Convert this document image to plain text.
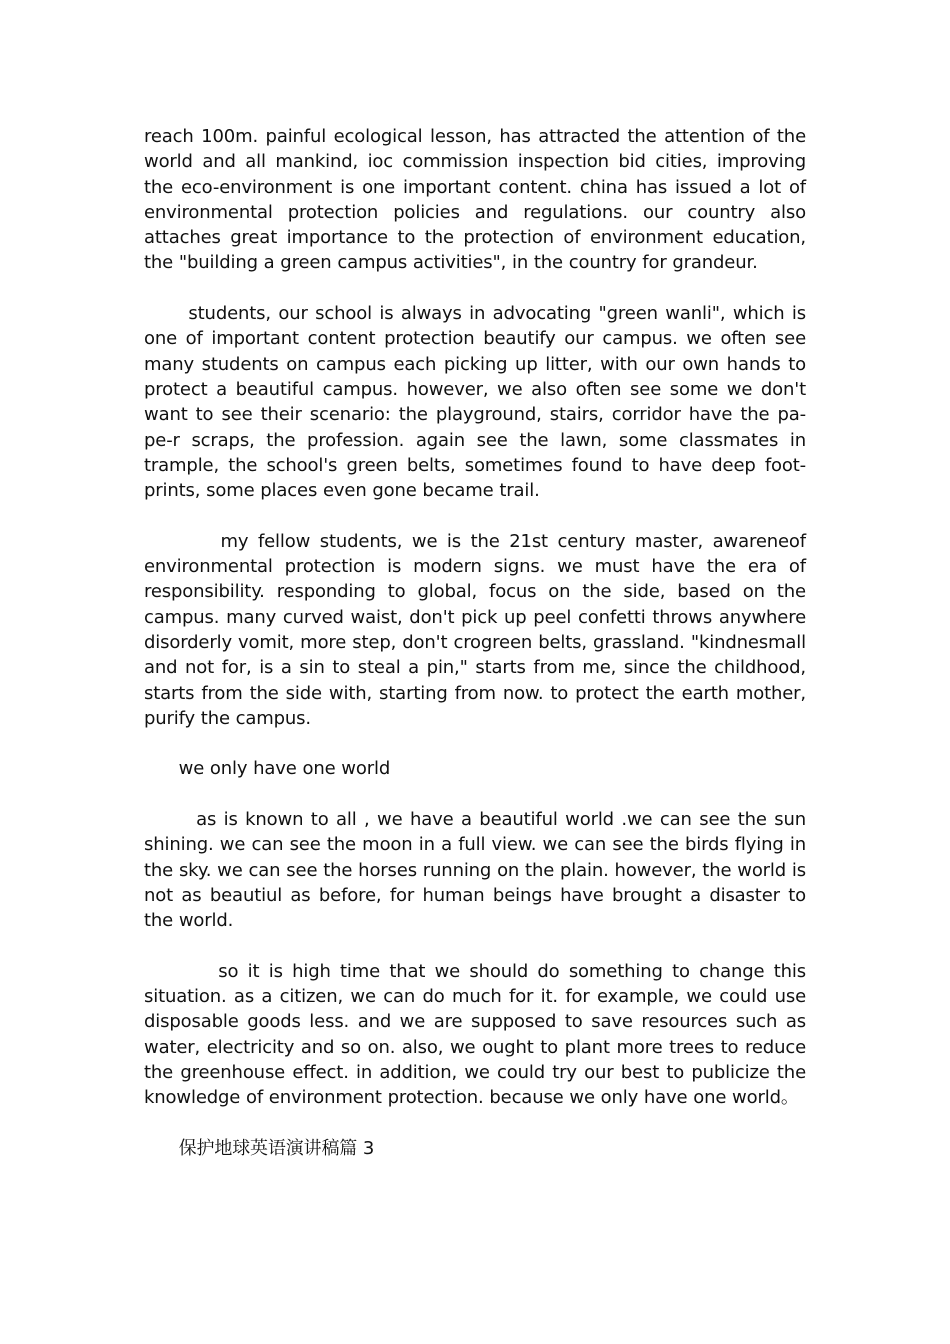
reach 100m. painful ecological lesson, has attracted the attention of the world and all mankind, ioc commission inspection bid cities, improving the eco-environment is one important content. china has issued a lot of environmental protection policies and regulations. our country also attaches great importance to the protection of environment education, the "building a green campus activities", in the country for grandeur.

students, our school is always in advocating "green wanli", which is one of important content protection beautify our campus. we often see many students on campus each picking up litter, with our own hands to protect a beautiful campus. however, we also often see some we don't want to see their scenario: the playground, stairs, corridor have the pa-pe-r scraps, the profession. again see the lawn, some classmates in trample, the school's green belts, sometimes found to have deep foot-prints, some places even gone became trail.

my fellow students, we is the 21st century master, awareneof environmental protection is modern signs. we must have the era of responsibility. responding to global, focus on the side, based on the campus. many curved waist, don't pick up peel confetti throws anywhere disorderly vomit, more step, don't crogreen belts, grassland. "kindnesmall and not for, is a sin to steal a pin," starts from me, since the childhood, starts from the side with, starting from now. to protect the earth mother, purify the campus.

we only have one world

as is known to all , we have a beautiful world .we can see the sun shining. we can see the moon in a full view. we can see the birds flying in the sky. we can see the horses running on the plain. however, the world is not as beautiul as before, for human beings have brought a disaster to the world.

so it is high time that we should do something to change this situation. as a citizen, we can do much for it. for example, we could use disposable goods less. and we are supposed to save resources such as water, electricity and so on. also, we ought to plant more trees to reduce the greenhouse effect. in addition, we could try our best to publicize the knowledge of environment protection. because we only have one world。

保护地球英语演讲稿篇 3
